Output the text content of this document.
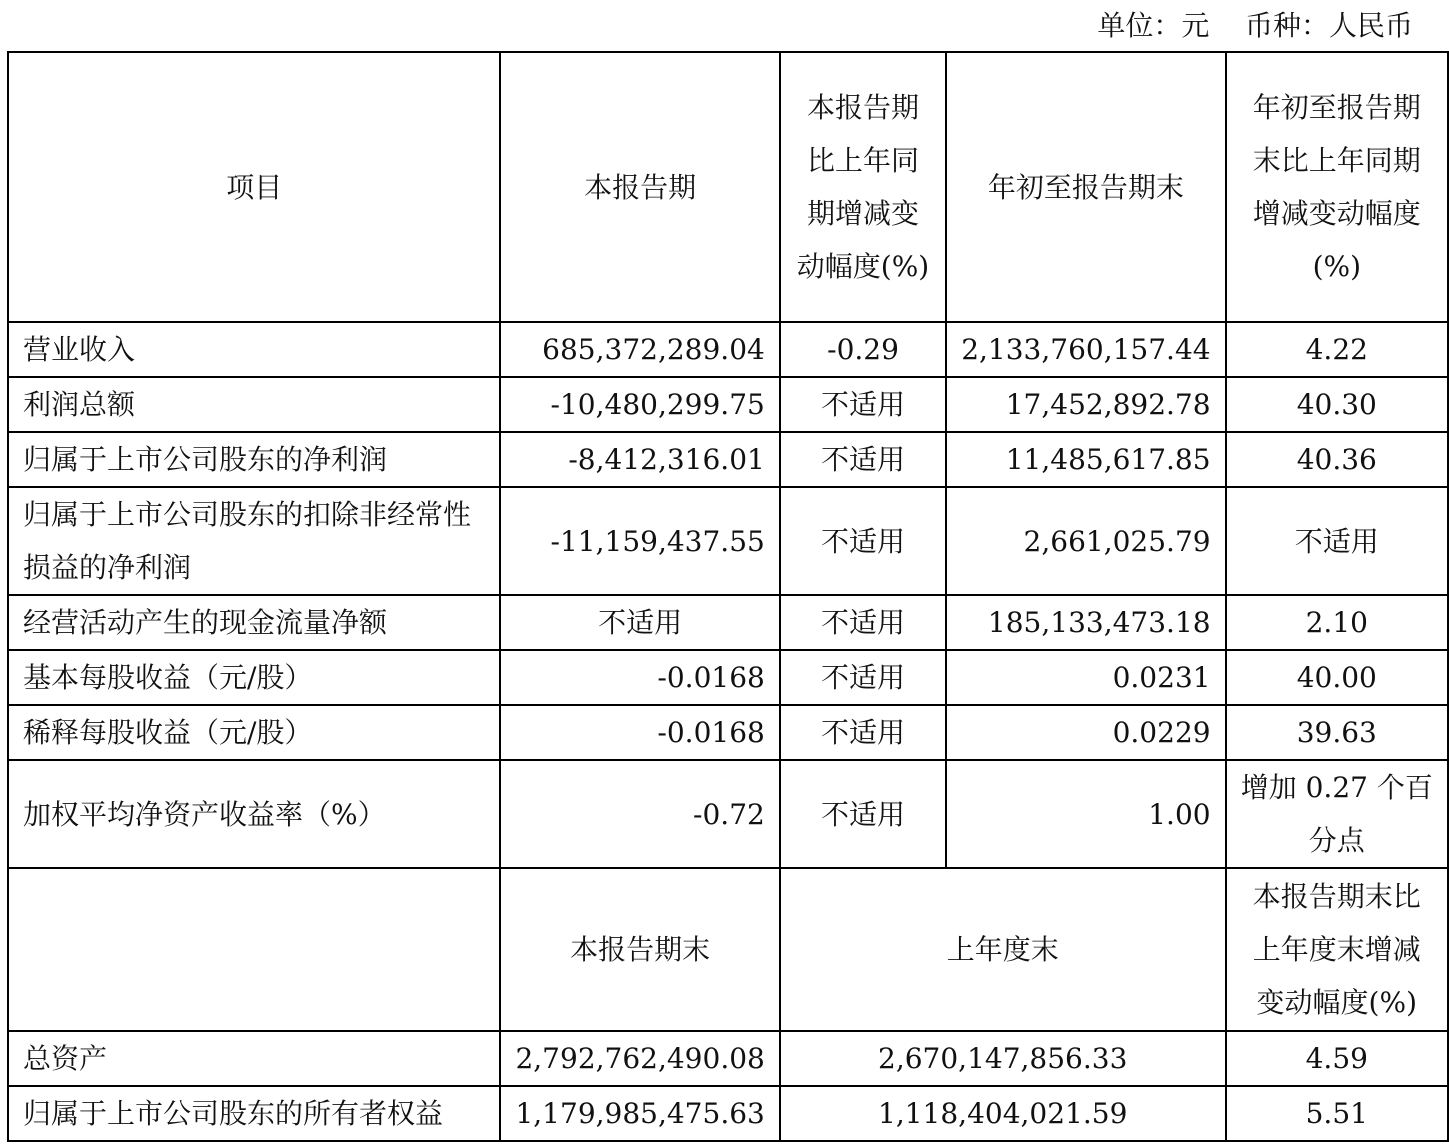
单位：元 币种：人民币
项目	本报告期	本报告期比上年同期增减变动幅度(%)	年初至报告期末	年初至报告期末比上年同期增减变动幅度(%)
营业收入	685,372,289.04	-0.29	2,133,760,157.44	4.22
利润总额	-10,480,299.75	不适用	17,452,892.78	40.30
归属于上市公司股东的净利润	-8,412,316.01	不适用	11,485,617.85	40.36
归属于上市公司股东的扣除非经常性损益的净利润	-11,159,437.55	不适用	2,661,025.79	不适用
经营活动产生的现金流量净额	不适用	不适用	185,133,473.18	2.10
基本每股收益（元/股）	-0.0168	不适用	0.0231	40.00
稀释每股收益（元/股）	-0.0168	不适用	0.0229	39.63
加权平均净资产收益率（%）	-0.72	不适用	1.00	增加 0.27 个百分点
	本报告期末	上年度末		本报告期末比上年度末增减变动幅度(%)
总资产	2,792,762,490.08	2,670,147,856.33		4.59
归属于上市公司股东的所有者权益	1,179,985,475.63	1,118,404,021.59		5.51
